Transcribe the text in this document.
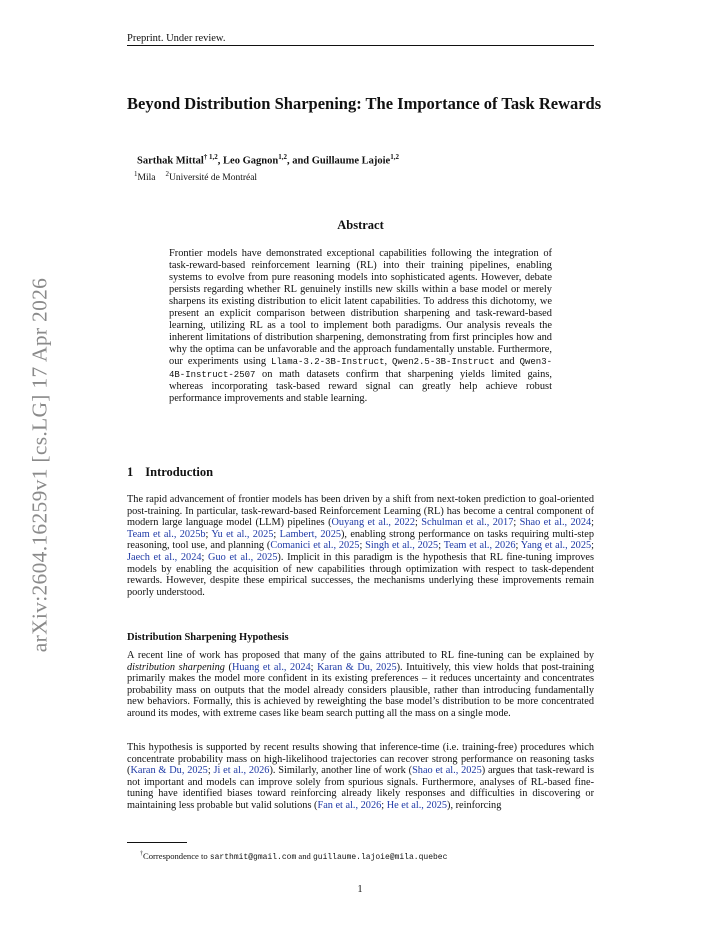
arXiv:2604.16259v1 [cs.LG] 17 Apr 2026
Preprint. Under review.
Beyond Distribution Sharpening: The Importance of Task Rewards
Sarthak Mittal$^{\dagger 1,2}$, Leo Gagnon$^{1,2}$, and Guillaume Lajoie$^{1,2}$
$^1$Mila $^2$Université de Montréal
Abstract
Frontier models have demonstrated exceptional capabilities following the integration of task-reward-based reinforcement learning (RL) into their training pipelines, enabling systems to evolve from pure reasoning models into sophisticated agents. However, debate persists regarding whether RL genuinely instills new skills within a base model or merely sharpens its existing distribution to elicit latent capabilities. To address this dichotomy, we present an explicit comparison between distribution sharpening and task-reward-based learning, utilizing RL as a tool to implement both paradigms. Our analysis reveals the inherent limitations of distribution sharpening, demonstrating from first principles how and why the optima can be unfavorable and the approach fundamentally unstable. Furthermore, our experiments using Llama-3.2-3B-Instruct, Qwen2.5-3B-Instruct and Qwen3-4B-Instruct-2507 on math datasets confirm that sharpening yields limited gains, whereas incorporating task-based reward signal can greatly help achieve robust performance improvements and stable learning.
1 Introduction
The rapid advancement of frontier models has been driven by a shift from next-token prediction to goal-oriented post-training. In particular, task-reward-based Reinforcement Learning (RL) has become a central component of modern large language model (LLM) pipelines (Ouyang et al., 2022; Schulman et al., 2017; Shao et al., 2024; Team et al., 2025b; Yu et al., 2025; Lambert, 2025), enabling strong performance on tasks requiring multi-step reasoning, tool use, and planning (Comanici et al., 2025; Singh et al., 2025; Team et al., 2026; Yang et al., 2025; Jaech et al., 2024; Guo et al., 2025). Implicit in this paradigm is the hypothesis that RL fine-tuning improves models by enabling the acquisition of new capabilities through optimization with respect to task-dependent rewards. However, despite these empirical successes, the mechanisms underlying these improvements remain poorly understood.
Distribution Sharpening Hypothesis
A recent line of work has proposed that many of the gains attributed to RL fine-tuning can be explained by distribution sharpening (Huang et al., 2024; Karan & Du, 2025). Intuitively, this view holds that post-training primarily makes the model more confident in its existing preferences – it reduces uncertainty and concentrates probability mass on outputs that the model already considers plausible, rather than introducing fundamentally new behaviors. Formally, this is achieved by reweighting the base model’s distribution to be more concentrated around its modes, with extreme cases like beam search putting all the mass on a single mode.
This hypothesis is supported by recent results showing that inference-time (i.e. training-free) procedures which concentrate probability mass on high-likelihood trajectories can recover strong performance on reasoning tasks (Karan & Du, 2025; Ji et al., 2026). Similarly, another line of work (Shao et al., 2025) argues that task-reward is not important and models can improve solely from spurious signals. Furthermore, analyses of RL-based fine-tuning have identified biases toward reinforcing already likely responses and difficulties in discovering or maintaining less probable but valid solutions (Fan et al., 2026; He et al., 2025), reinforcing
†Correspondence to sarthmit@gmail.com and guillaume.lajoie@mila.quebec
1
